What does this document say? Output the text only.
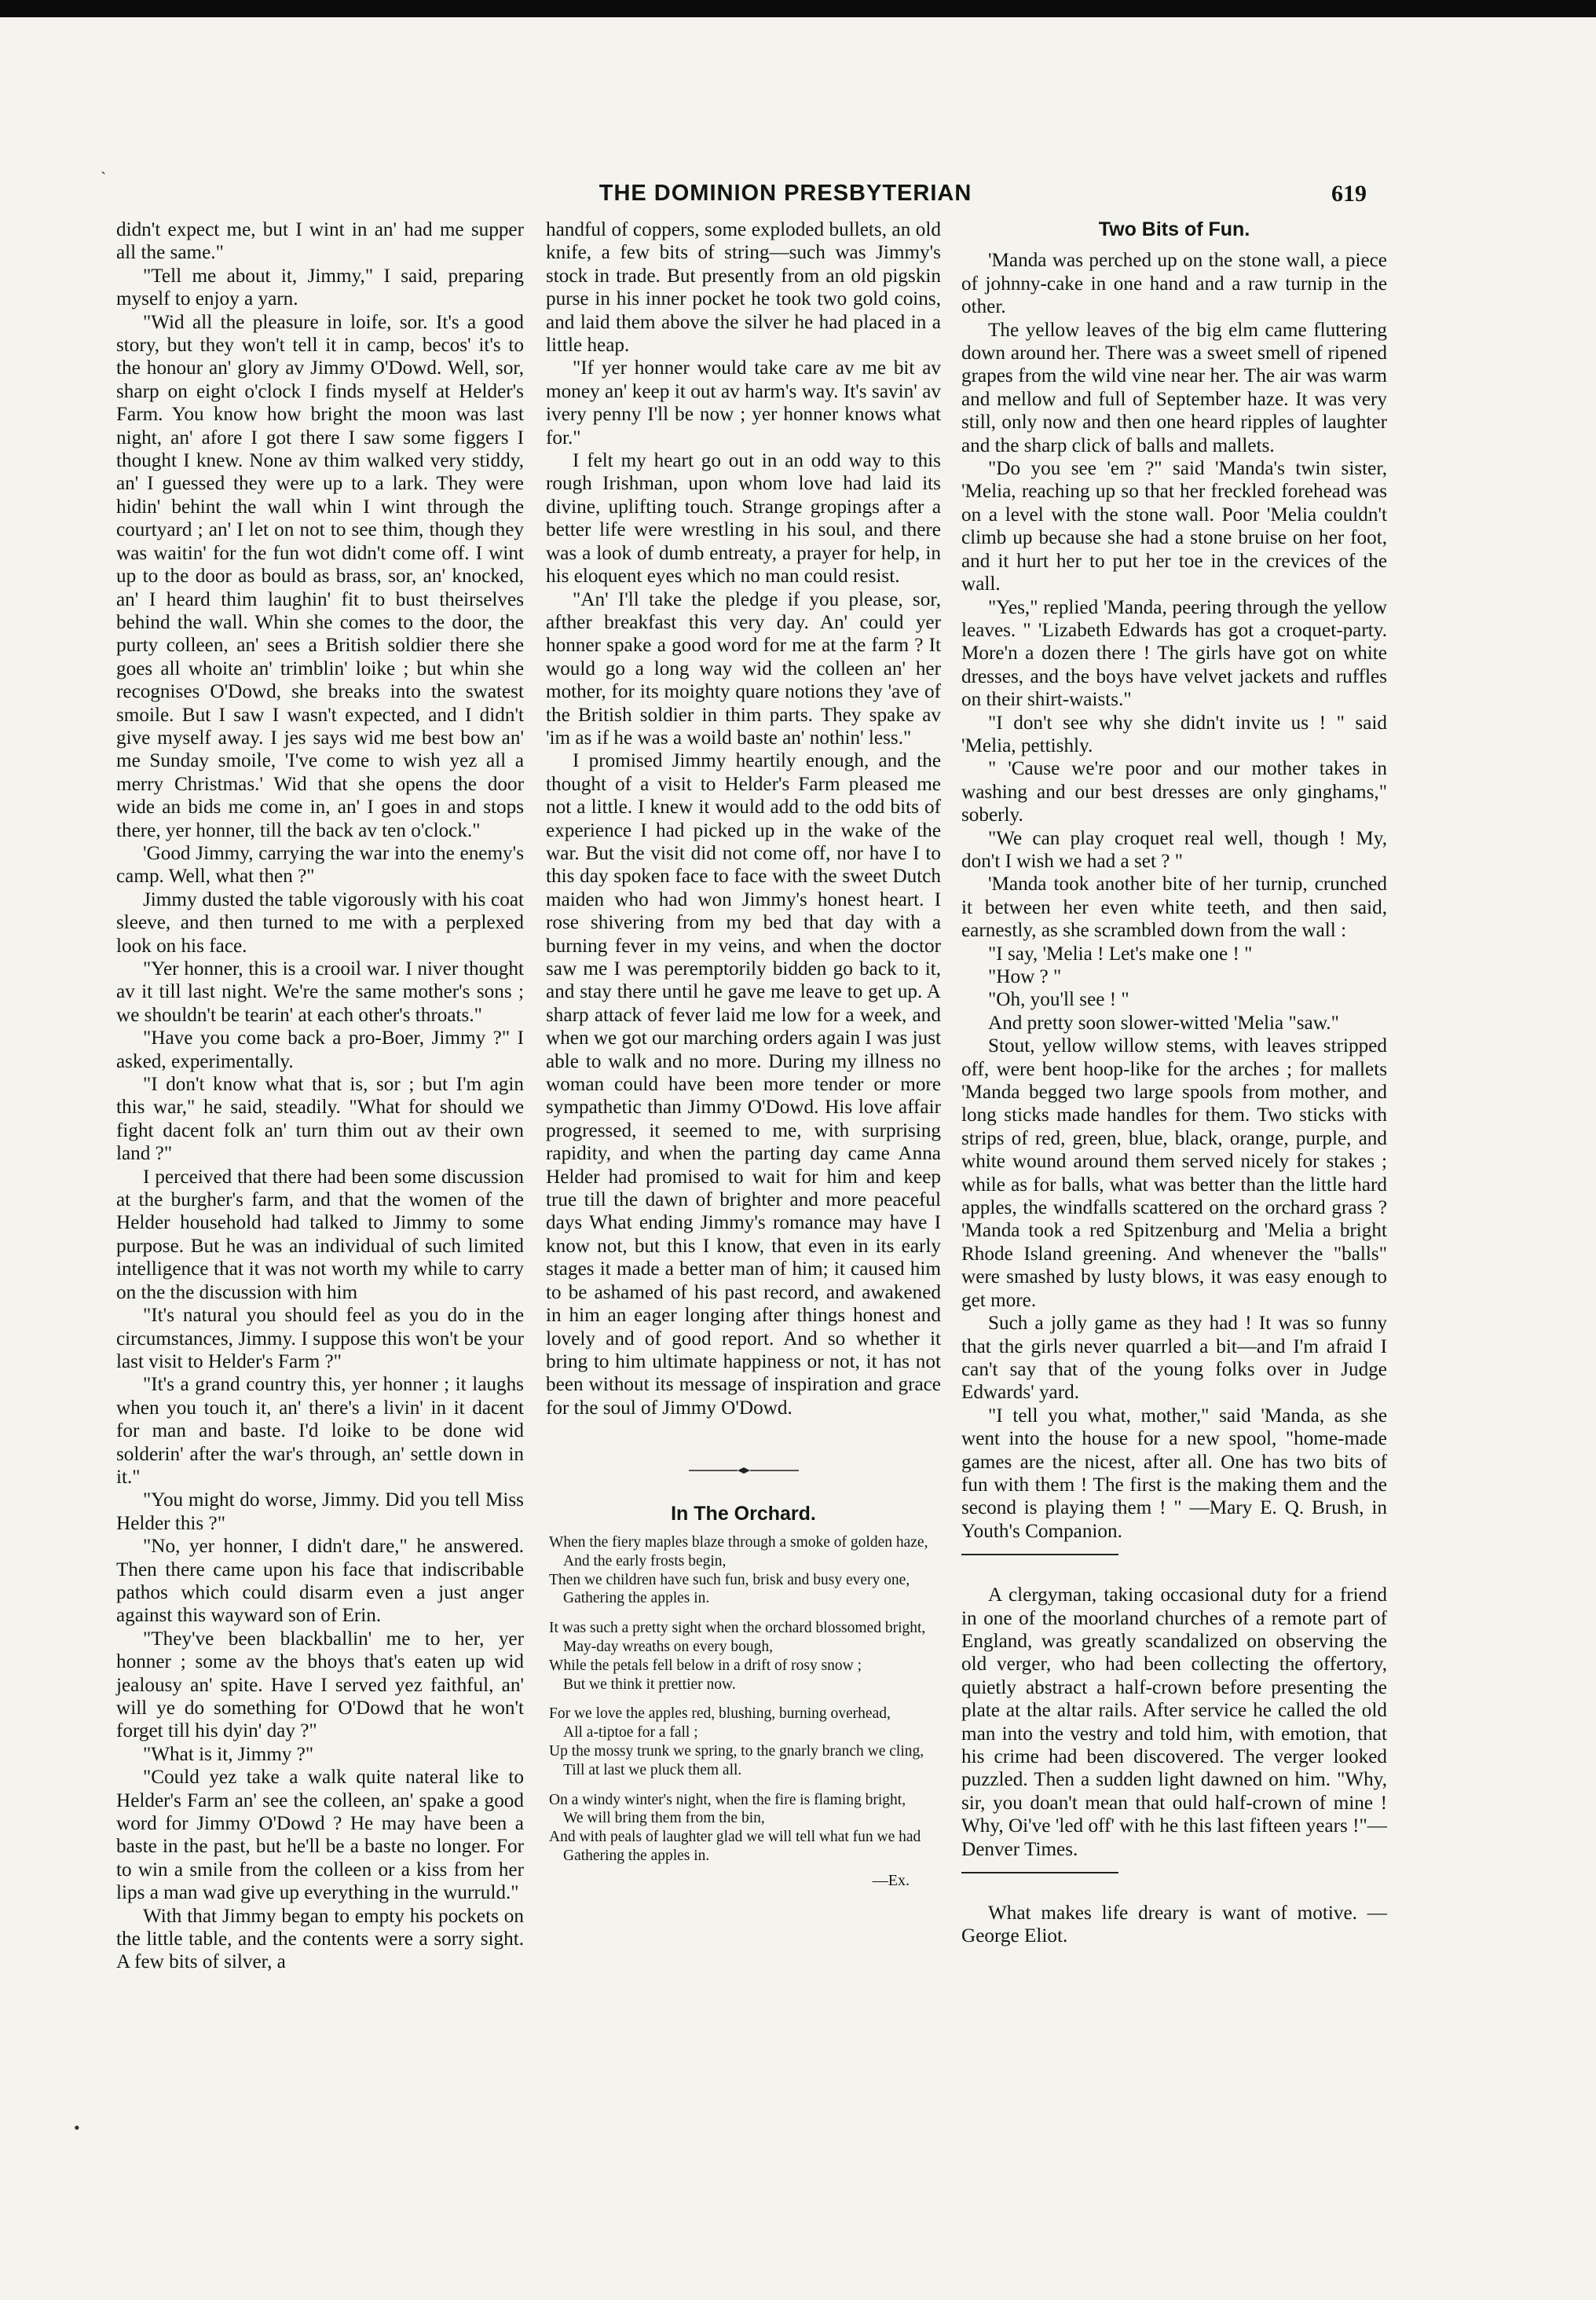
`
•
THE DOMINION PRESBYTERIAN	619

didn't expect me, but I wint in an' had me supper all the same."

"Tell me about it, Jimmy," I said, preparing myself to enjoy a yarn.

"Wid all the pleasure in loife, sor. It's a good story, but they won't tell it in camp, becos' it's to the honour an' glory av Jimmy O'Dowd. Well, sor, sharp on eight o'clock I finds myself at Helder's Farm. You know how bright the moon was last night, an' afore I got there I saw some figgers I thought I knew. None av thim walked very stiddy, an' I guessed they were up to a lark. They were hidin' behint the wall whin I wint through the courtyard ; an' I let on not to see thim, though they was waitin' for the fun wot didn't come off. I wint up to the door as bould as brass, sor, an' knocked, an' I heard thim laughin' fit to bust theirselves behind the wall. Whin she comes to the door, the purty colleen, an' sees a British soldier there she goes all whoite an' trimblin' loike ; but whin she recognises O'Dowd, she breaks into the swatest smoile. But I saw I wasn't expected, and I didn't give myself away. I jes says wid me best bow an' me Sunday smoile, 'I've come to wish yez all a merry Christmas.' Wid that she opens the door wide an bids me come in, an' I goes in and stops there, yer honner, till the back av ten o'clock."

'Good Jimmy, carrying the war into the enemy's camp. Well, what then ?"

Jimmy dusted the table vigorously with his coat sleeve, and then turned to me with a perplexed look on his face.

"Yer honner, this is a crooil war. I niver thought av it till last night. We're the same mother's sons ; we shouldn't be tearin' at each other's throats."

"Have you come back a pro-Boer, Jimmy ?" I asked, experimentally.

"I don't know what that is, sor ; but I'm agin this war," he said, steadily. "What for should we fight dacent folk an' turn thim out av their own land ?"

I perceived that there had been some discussion at the burgher's farm, and that the women of the Helder household had talked to Jimmy to some purpose. But he was an individual of such limited intelligence that it was not worth my while to carry on the the discussion with him

"It's natural you should feel as you do in the circumstances, Jimmy. I suppose this won't be your last visit to Helder's Farm ?"

"It's a grand country this, yer honner ; it laughs when you touch it, an' there's a livin' in it dacent for man and baste. I'd loike to be done wid solderin' after the war's through, an' settle down in it."

"You might do worse, Jimmy. Did you tell Miss Helder this ?"

"No, yer honner, I didn't dare," he answered. Then there came upon his face that indiscribable pathos which could disarm even a just anger against this wayward son of Erin.

"They've been blackballin' me to her, yer honner ; some av the bhoys that's eaten up wid jealousy an' spite. Have I served yez faithful, an' will ye do something for O'Dowd that he won't forget till his dyin' day ?"

"What is it, Jimmy ?"

"Could yez take a walk quite nateral like to Helder's Farm an' see the colleen, an' spake a good word for Jimmy O'Dowd ? He may have been a baste in the past, but he'll be a baste no longer. For to win a smile from the colleen or a kiss from her lips a man wad give up everything in the wurruld."

With that Jimmy began to empty his pockets on the little table, and the contents were a sorry sight. A few bits of silver, a

handful of coppers, some exploded bullets, an old knife, a few bits of string—such was Jimmy's stock in trade. But presently from an old pigskin purse in his inner pocket he took two gold coins, and laid them above the silver he had placed in a little heap.

"If yer honner would take care av me bit av money an' keep it out av harm's way. It's savin' av ivery penny I'll be now ; yer honner knows what for."

I felt my heart go out in an odd way to this rough Irishman, upon whom love had laid its divine, uplifting touch. Strange gropings after a better life were wrestling in his soul, and there was a look of dumb entreaty, a prayer for help, in his eloquent eyes which no man could resist.

"An' I'll take the pledge if you please, sor, afther breakfast this very day. An' could yer honner spake a good word for me at the farm ? It would go a long way wid the colleen an' her mother, for its moighty quare notions they 'ave of the British soldier in thim parts. They spake av 'im as if he was a woild baste an' nothin' less."

I promised Jimmy heartily enough, and the thought of a visit to Helder's Farm pleased me not a little. I knew it would add to the odd bits of experience I had picked up in the wake of the war. But the visit did not come off, nor have I to this day spoken face to face with the sweet Dutch maiden who had won Jimmy's honest heart. I rose shivering from my bed that day with a burning fever in my veins, and when the doctor saw me I was peremptorily bidden go back to it, and stay there until he gave me leave to get up. A sharp attack of fever laid me low for a week, and when we got our marching orders again I was just able to walk and no more. During my illness no woman could have been more tender or more sympathetic than Jimmy O'Dowd. His love affair progressed, it seemed to me, with surprising rapidity, and when the parting day came Anna Helder had promised to wait for him and keep true till the dawn of brighter and more peaceful days What ending Jimmy's romance may have I know not, but this I know, that even in its early stages it made a better man of him; it caused him to be ashamed of his past record, and awakened in him an eager longing after things honest and lovely and of good report. And so whether it bring to him ultimate happiness or not, it has not been without its message of inspiration and grace for the soul of Jimmy O'Dowd.

In The Orchard.
When the fiery maples blaze through a smoke of golden haze,
And the early frosts begin,
Then we children have such fun, brisk and busy every one,
Gathering the apples in.
It was such a pretty sight when the orchard blossomed bright,
May-day wreaths on every bough,
While the petals fell below in a drift of rosy snow ;
But we think it prettier now.
For we love the apples red, blushing, burning overhead,
All a-tiptoe for a fall ;
Up the mossy trunk we spring, to the gnarly branch we cling,
Till at last we pluck them all.
On a windy winter's night, when the fire is flaming bright,
We will bring them from the bin,
And with peals of laughter glad we will tell what fun we had
Gathering the apples in.
—Ex.
Two Bits of Fun.

'Manda was perched up on the stone wall, a piece of johnny-cake in one hand and a raw turnip in the other.

The yellow leaves of the big elm came fluttering down around her. There was a sweet smell of ripened grapes from the wild vine near her. The air was warm and mellow and full of September haze. It was very still, only now and then one heard ripples of laughter and the sharp click of balls and mallets.

"Do you see 'em ?" said 'Manda's twin sister, 'Melia, reaching up so that her freckled forehead was on a level with the stone wall. Poor 'Melia couldn't climb up because she had a stone bruise on her foot, and it hurt her to put her toe in the crevices of the wall.

"Yes," replied 'Manda, peering through the yellow leaves. " 'Lizabeth Edwards has got a croquet-party. More'n a dozen there ! The girls have got on white dresses, and the boys have velvet jackets and ruffles on their shirt-waists."

"I don't see why she didn't invite us ! " said 'Melia, pettishly.

" 'Cause we're poor and our mother takes in washing and our best dresses are only ginghams," soberly.

"We can play croquet real well, though ! My, don't I wish we had a set ? "

'Manda took another bite of her turnip, crunched it between her even white teeth, and then said, earnestly, as she scrambled down from the wall :

"I say, 'Melia ! Let's make one ! "

"How ? "

"Oh, you'll see ! "

And pretty soon slower-witted 'Melia "saw."

Stout, yellow willow stems, with leaves stripped off, were bent hoop-like for the arches ; for mallets 'Manda begged two large spools from mother, and long sticks made handles for them. Two sticks with strips of red, green, blue, black, orange, purple, and white wound around them served nicely for stakes ; while as for balls, what was better than the little hard apples, the windfalls scattered on the orchard grass ? 'Manda took a red Spitzenburg and 'Melia a bright Rhode Island greening. And whenever the "balls" were smashed by lusty blows, it was easy enough to get more.

Such a jolly game as they had ! It was so funny that the girls never quarrled a bit—and I'm afraid I can't say that of the young folks over in Judge Edwards' yard.

"I tell you what, mother," said 'Manda, as she went into the house for a new spool, "home-made games are the nicest, after all. One has two bits of fun with them ! The first is the making them and the second is playing them ! " —Mary E. Q. Brush, in Youth's Companion.

A clergyman, taking occasional duty for a friend in one of the moorland churches of a remote part of England, was greatly scandalized on observing the old verger, who had been collecting the offertory, quietly abstract a half-crown before presenting the plate at the altar rails. After service he called the old man into the vestry and told him, with emotion, that his crime had been discovered. The verger looked puzzled. Then a sudden light dawned on him. "Why, sir, you doan't mean that ould half-crown of mine ! Why, Oi've 'led off' with he this last fifteen years !"—Denver Times.

What makes life dreary is want of motive. —George Eliot.
